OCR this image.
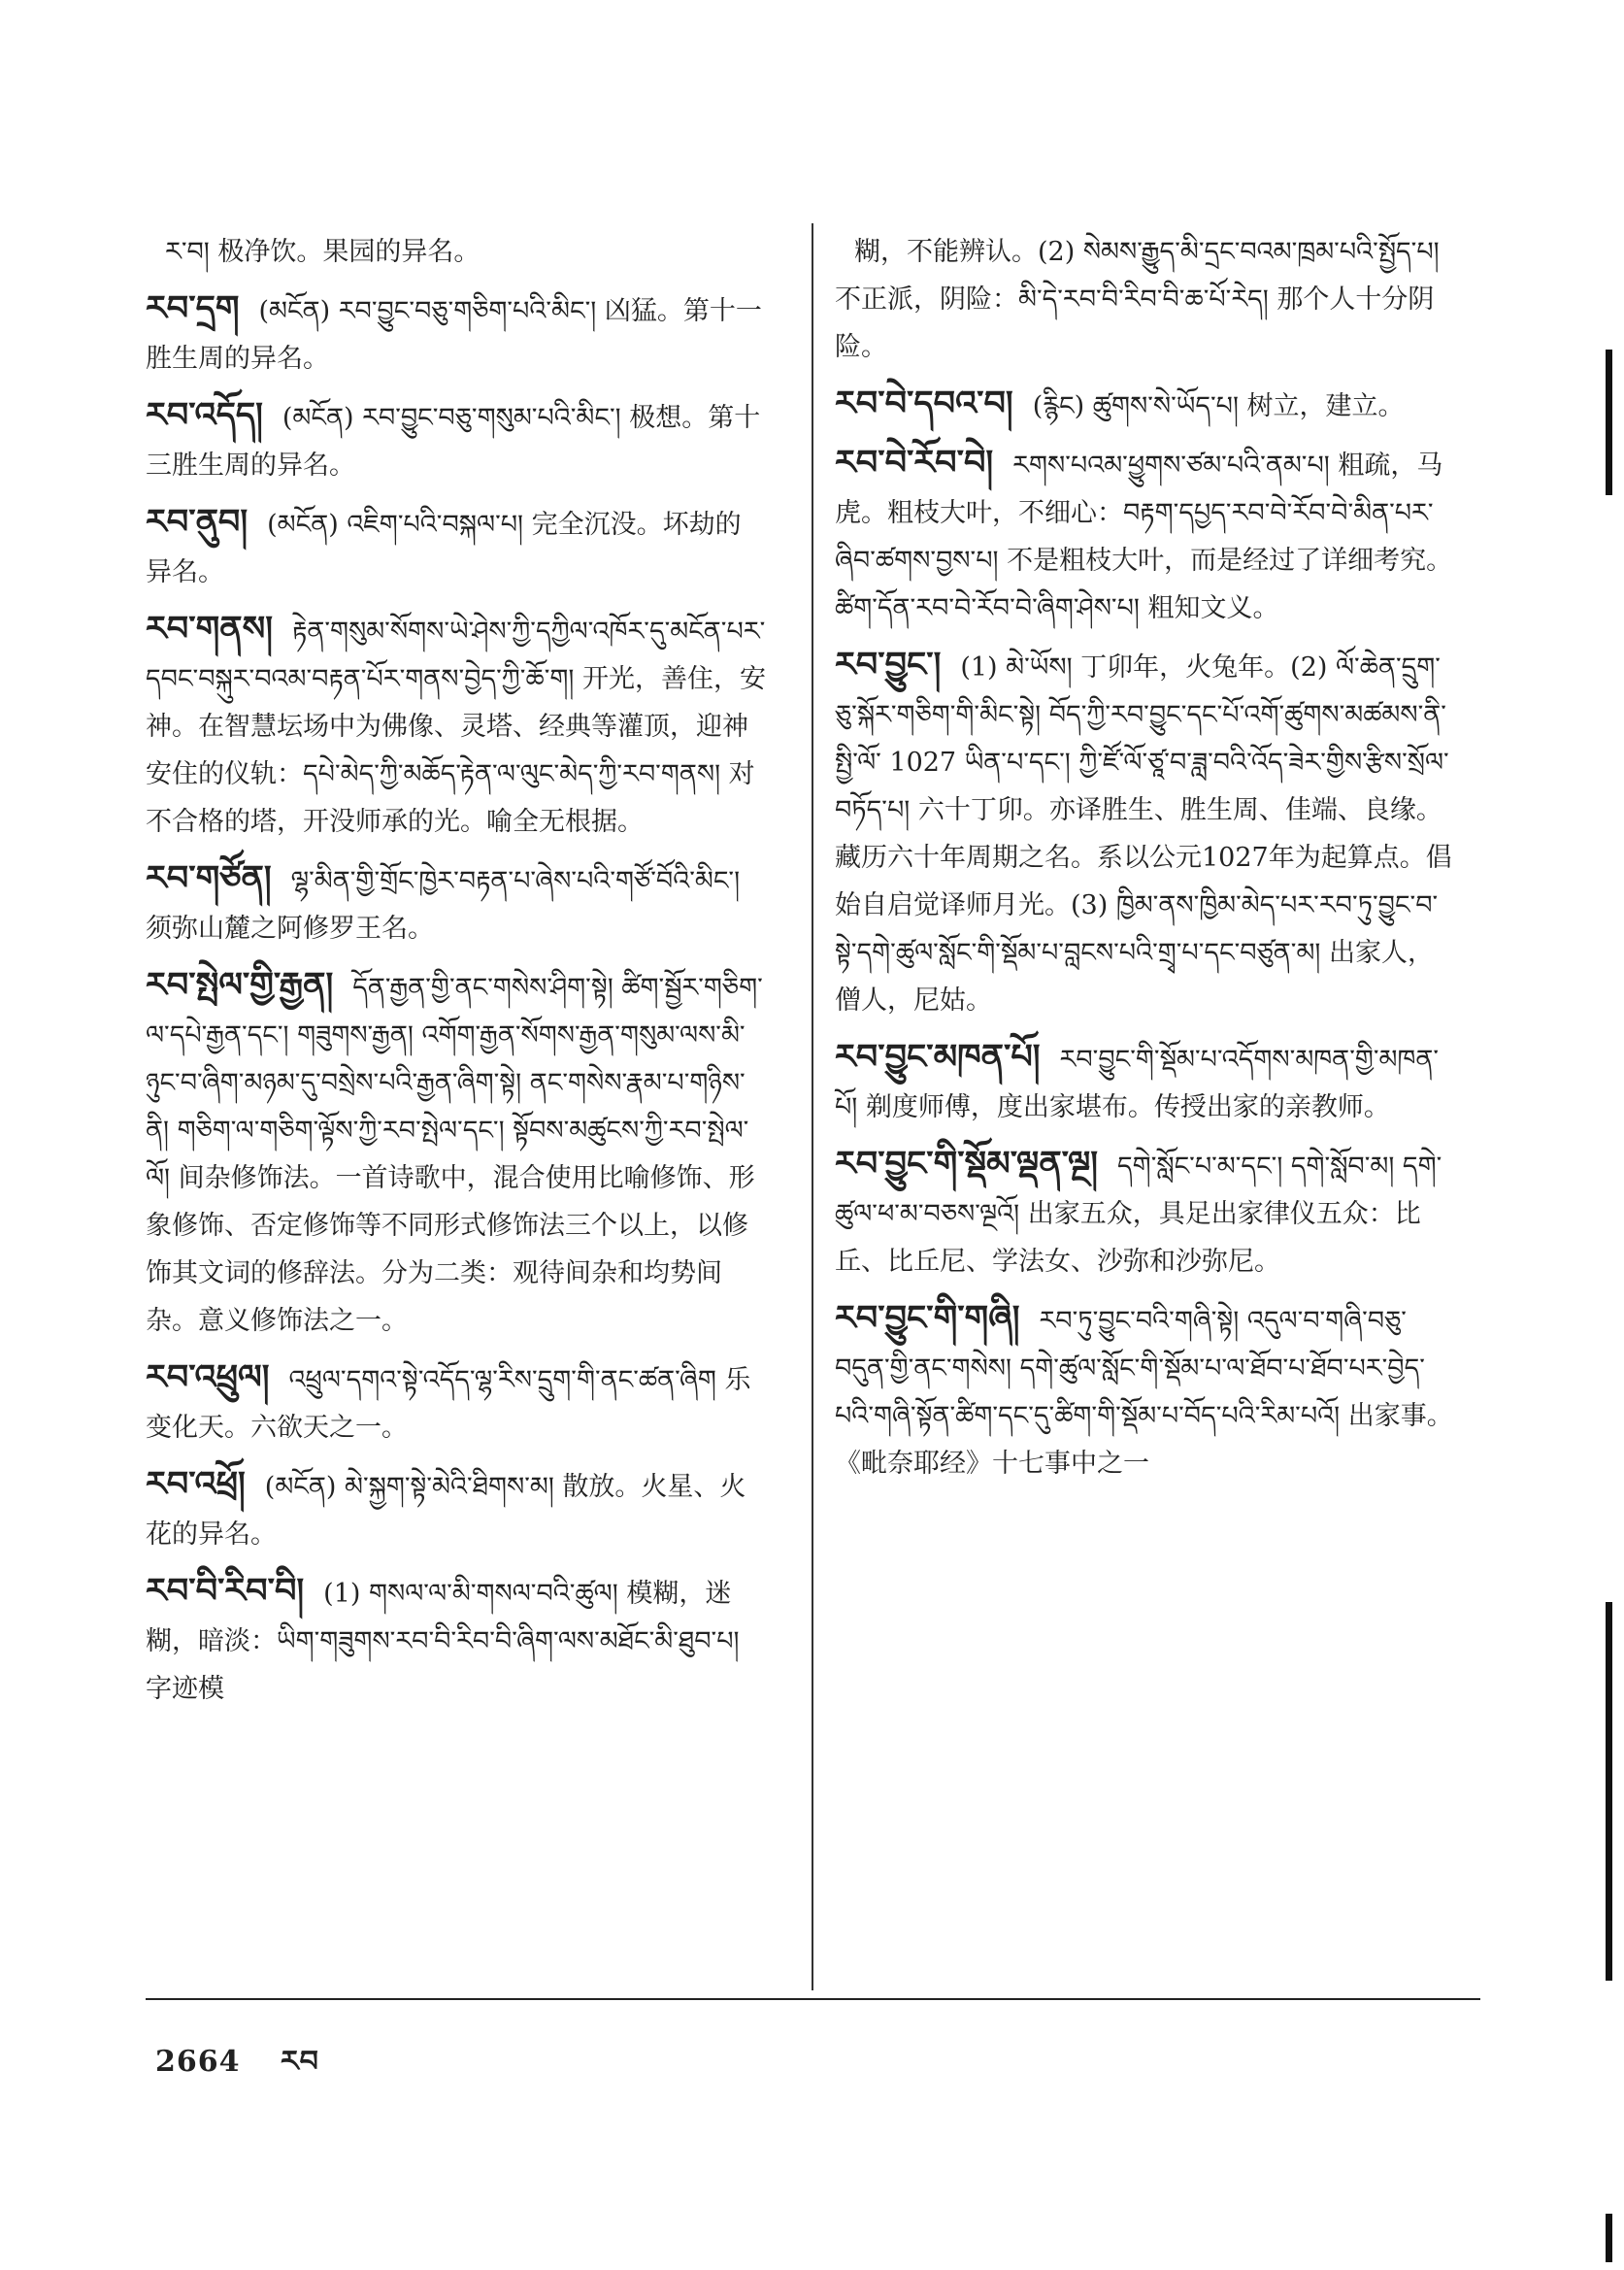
ར་བ། 极净饮。果园的异名。
རབ་དྲག (མངོན) རབ་བྱུང་བཅུ་གཅིག་པའི་མིང་། 凶猛。第十一胜生周的异名。
རབ་འདོད། (མངོན) རབ་བྱུང་བཅུ་གསུམ་པའི་མིང་། 极想。第十三胜生周的异名。
རབ་ནུབ། (མངོན) འཇིག་པའི་བསྐལ་པ། 完全沉没。坏劫的异名。
རབ་གནས། རྟེན་གསུམ་སོགས་ཡེ་ཤེས་ཀྱི་དཀྱིལ་འཁོར་དུ་མངོན་པར་དབང་བསྐུར་བའམ་བརྟན་པོར་གནས་བྱེད་ཀྱི་ཆོ་ག། 开光，善住，安神。在智慧坛场中为佛像、灵塔、经典等灌顶，迎神安住的仪轨：དཔེ་མེད་ཀྱི་མཆོད་རྟེན་ལ་ལུང་མེད་ཀྱི་རབ་གནས། 对不合格的塔，开没师承的光。喻全无根据。
རབ་གཙོན། ལྷ་མིན་གྱི་གྲོང་ཁྱེར་བརྟན་པ་ཞེས་པའི་གཙོ་བོའི་མིང་། 须弥山麓之阿修罗王名。
རབ་སྤེལ་གྱི་རྒྱན། དོན་རྒྱན་གྱི་ནང་གསེས་ཤིག་སྟེ། ཚིག་སྦྱོར་གཅིག་ལ་དཔེ་རྒྱན་དང་། གཟུགས་རྒྱན། འགོག་རྒྱན་སོགས་རྒྱན་གསུམ་ལས་མི་ཉུང་བ་ཞིག་མཉམ་དུ་བསྲེས་པའི་རྒྱན་ཞིག་སྟེ། ནང་གསེས་རྣམ་པ་གཉིས་ནི། གཅིག་ལ་གཅིག་ལྟོས་ཀྱི་རབ་སྤེལ་དང་། སྟོབས་མཚུངས་ཀྱི་རབ་སྤེལ་ལོ། 间杂修饰法。一首诗歌中，混合使用比喻修饰、形象修饰、否定修饰等不同形式修饰法三个以上，以修饰其文词的修辞法。分为二类：观待间杂和均势间杂。意义修饰法之一。
རབ་འཕྲུལ། འཕྲུལ་དགའ་སྟེ་འདོད་ལྷ་རིས་དྲུག་གི་ནང་ཚན་ཞིག 乐变化天。六欲天之一。
རབ་འཕྲོ། (མངོན) མེ་སྐྱག་སྟེ་མེའི་ཐིགས་མ། 散放。火星、火花的异名。
རབ་བི་རིབ་བི། (1) གསལ་ལ་མི་གསལ་བའི་ཚུལ། 模糊，迷糊，暗淡：ཡིག་གཟུགས་རབ་བི་རིབ་བི་ཞིག་ལས་མཐོང་མི་ཐུབ་པ། 字迹模
糊，不能辨认。(2) སེམས་རྒྱུད་མི་དྲང་བའམ་ཁྲམ་པའི་སྤྱོད་པ། 不正派，阴险：མི་དེ་རབ་བི་རིབ་བི་ཆ་པོ་རེད། 那个人十分阴险。
རབ་བེ་དབའ་བ། (རྙིང) ཚུགས་སེ་ཡོད་པ། 树立，建立。
རབ་བེ་རོབ་བེ། རགས་པའམ་ཕྱུགས་ཙམ་པའི་ནམ་པ། 粗疏，马虎。粗枝大叶，不细心：བརྟག་དཔྱད་རབ་བེ་རོབ་བེ་མིན་པར་ཞིབ་ཚགས་བྱས་པ། 不是粗枝大叶，而是经过了详细考究。ཚིག་དོན་རབ་བེ་རོབ་བེ་ཞིག་ཤེས་པ། 粗知文义。
རབ་བྱུང་། (1) མེ་ཡོས། 丁卯年，火兔年。(2) ལོ་ཆེན་དྲུག་ཅུ་སྐོར་གཅིག་གི་མིང་སྟེ། བོད་ཀྱི་རབ་བྱུང་དང་པོ་འགོ་ཚུགས་མཚམས་ནི་སྤྱི་ལོ་ 1027 ཡིན་པ་དང་། ཀྱི་ཛོ་ལོ་ཙཱ་བ་ཟླ་བའི་འོད་ཟེར་གྱིས་རྩིས་སྲོལ་བཏོད་པ། 六十丁卯。亦译胜生、胜生周、佳端、良缘。藏历六十年周期之名。系以公元1027年为起算点。倡始自启觉译师月光。(3) ཁྱིམ་ནས་ཁྱིམ་མེད་པར་རབ་ཏུ་བྱུང་བ་སྟེ་དགེ་ཚུལ་སློང་གི་སྡོམ་པ་བླངས་པའི་གྲྭ་པ་དང་བཙུན་མ། 出家人，僧人，尼姑。
རབ་བྱུང་མཁན་པོ། རབ་བྱུང་གི་སྡོམ་པ་འདོགས་མཁན་གྱི་མཁན་པོ། 剃度师傅，度出家堪布。传授出家的亲教师。
རབ་བྱུང་གི་སྡོམ་ལྡན་ལྔ། དགེ་སློང་པ་མ་དང་། དགེ་སློབ་མ། དགེ་ཚུལ་ཕ་མ་བཅས་ལྔའོ། 出家五众，具足出家律仪五众：比丘、比丘尼、学法女、沙弥和沙弥尼。
རབ་བྱུང་གི་གཞི། རབ་ཏུ་བྱུང་བའི་གཞི་སྟེ། འདུལ་བ་གཞི་བཅུ་བདུན་གྱི་ནང་གསེས། དགེ་ཚུལ་སློང་གི་སྡོམ་པ་ལ་ཐོབ་པ་ཐོབ་པར་བྱེད་པའི་གཞི་སྟོན་ཚིག་དང་དུ་ཚིག་གི་སྡོམ་པ་བོད་པའི་རིམ་པའོ། 出家事。《毗奈耶经》十七事中之一
2664 རབ
